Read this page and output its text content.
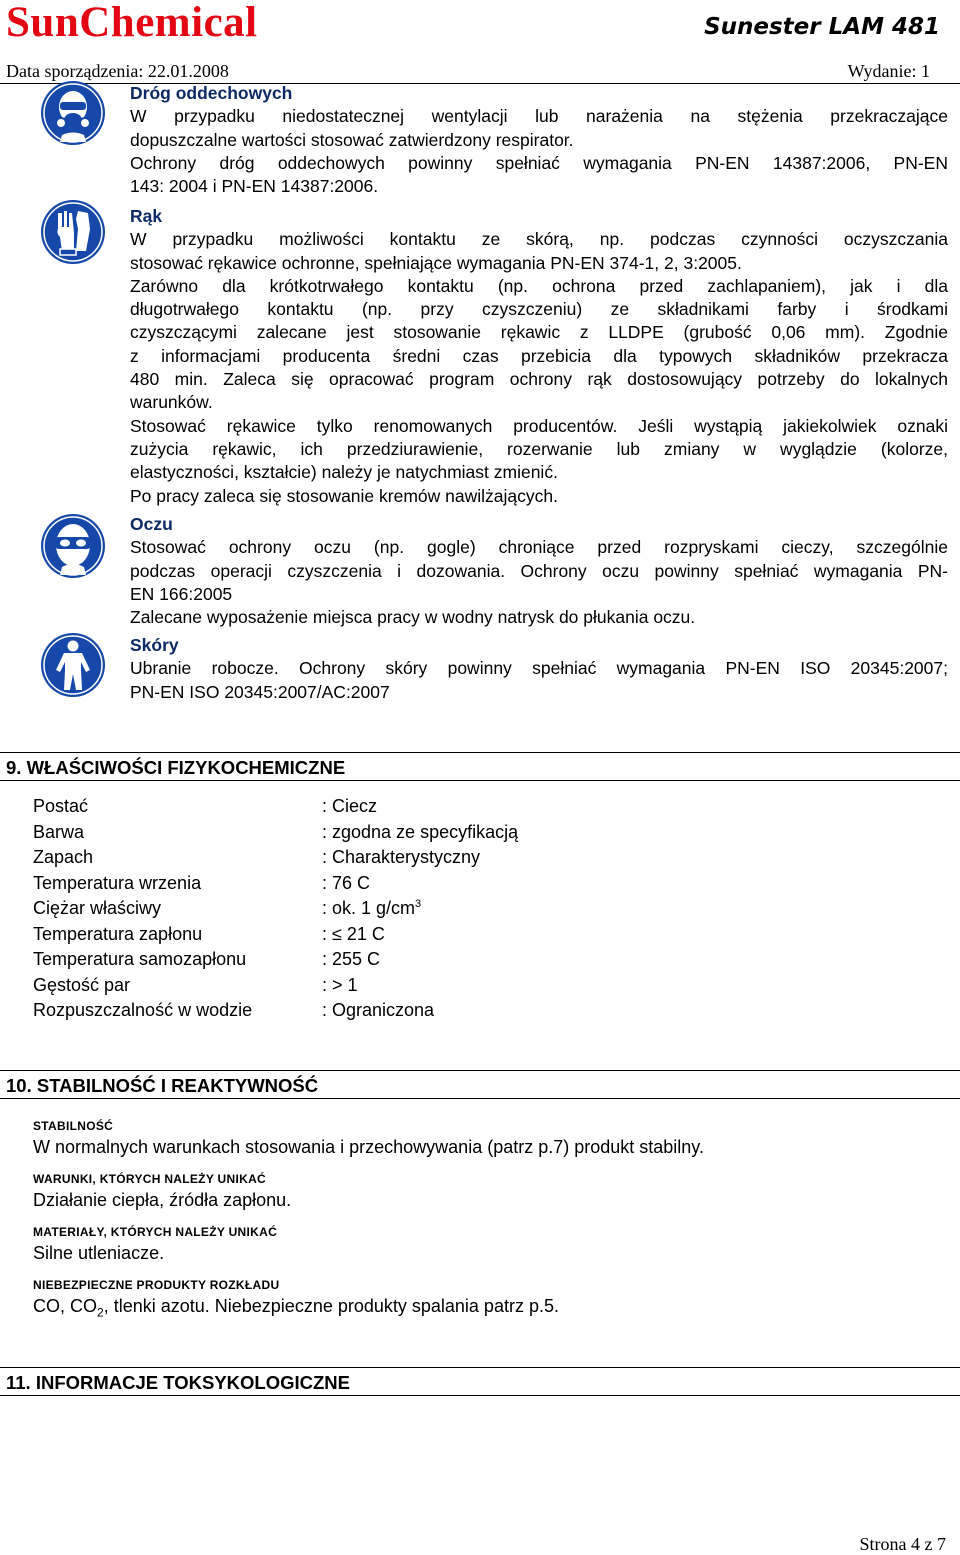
SunChemical	Sunester LAM 481
Data sporządzenia: 22.01.2008	Wydanie: 1

Dróg oddechowych

W przypadku niedostatecznej wentylacji lub narażenia na stężenia przekraczające

dopuszczalne wartości stosować zatwierdzony respirator.

Ochrony dróg oddechowych powinny spełniać wymagania PN-EN 14387:2006, PN-EN

143: 2004 i PN-EN 14387:2006.

Rąk

W przypadku możliwości kontaktu ze skórą, np. podczas czynności oczyszczania

stosować rękawice ochronne, spełniające wymagania PN-EN 374-1, 2, 3:2005.

Zarówno dla krótkotrwałego kontaktu (np. ochrona przed zachlapaniem), jak i dla

długotrwałego kontaktu (np. przy czyszczeniu) ze składnikami farby i środkami

czyszczącymi zalecane jest stosowanie rękawic z LLDPE (grubość 0,06 mm). Zgodnie

z informacjami producenta średni czas przebicia dla typowych składników przekracza

480 min. Zaleca się opracować program ochrony rąk dostosowujący potrzeby do lokalnych

warunków.

Stosować rękawice tylko renomowanych producentów. Jeśli wystąpią jakiekolwiek oznaki

zużycia rękawic, ich przedziurawienie, rozerwanie lub zmiany w wyglądzie (kolorze,

elastyczności, kształcie) należy je natychmiast zmienić.

Po pracy zaleca się stosowanie kremów nawilżających.

Oczu

Stosować ochrony oczu (np. gogle) chroniące przed rozpryskami cieczy, szczególnie

podczas operacji czyszczenia i dozowania. Ochrony oczu powinny spełniać wymagania PN-

EN 166:2005

Zalecane wyposażenie miejsca pracy w wodny natrysk do płukania oczu.

Skóry

Ubranie robocze. Ochrony skóry powinny spełniać wymagania PN-EN ISO 20345:2007;

PN-EN ISO 20345:2007/AC:2007

9. WŁAŚCIWOŚCI FIZYKOCHEMICZNE
Postać	: Ciecz
Barwa	: zgodna ze specyfikacją
Zapach	: Charakterystyczny
Temperatura wrzenia	: 76 C
Ciężar właściwy	: ok. 1 $g/cm^3$
Temperatura zapłonu	: ≤ 21 C
Temperatura samozapłonu	: 255 C
Gęstość par	: > 1
Rozpuszczalność w wodzie	: Ograniczona
10. STABILNOŚĆ I REAKTYWNOŚĆ
STABILNOŚĆ
W normalnych warunkach stosowania i przechowywania (patrz p.7) produkt stabilny.
WARUNKI, KTÓRYCH NALEŻY UNIKAĆ
Działanie ciepła, źródła zapłonu.
MATERIAŁY, KTÓRYCH NALEŻY UNIKAĆ
Silne utleniacze.
NIEBEZPIECZNE PRODUKTY ROZKŁADU
CO, $CO_2$, tlenki azotu. Niebezpieczne produkty spalania patrz p.5.
11. INFORMACJE TOKSYKOLOGICZNE
Strona 4 z 7
